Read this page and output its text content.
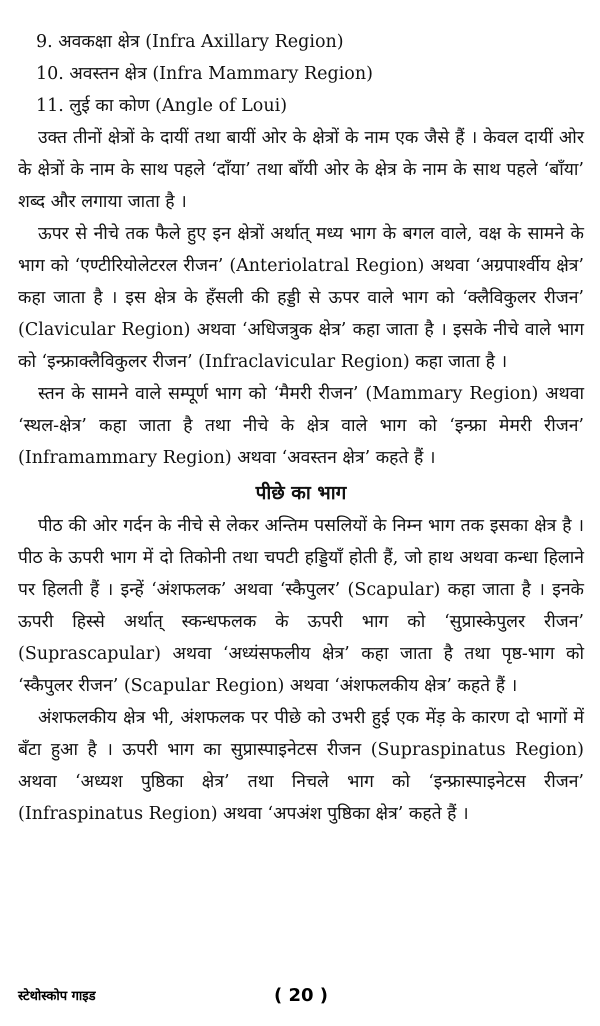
9. अवकक्षा क्षेत्र (Infra Axillary Region)
10. अवस्तन क्षेत्र (Infra Mammary Region)
11. लुई का कोण (Angle of Loui)

उक्त तीनों क्षेत्रों के दायीं तथा बायीं ओर के क्षेत्रों के नाम एक जैसे हैं । केवल दायीं ओर के क्षेत्रों के नाम के साथ पहले ‘दाँया’ तथा बाँयी ओर के क्षेत्र के नाम के साथ पहले ‘बाँया’ शब्द और लगाया जाता है ।

ऊपर से नीचे तक फैले हुए इन क्षेत्रों अर्थात् मध्य भाग के बगल वाले, वक्ष के सामने के भाग को ‘एण्टीरियोलेटरल रीजन’ (Anteriolatral Region) अथवा ‘अग्रपार्श्वीय क्षेत्र’ कहा जाता है । इस क्षेत्र के हँसली की हड्डी से ऊपर वाले भाग को ‘क्लैविकुलर रीजन’ (Clavicular Region) अथवा ‘अधिजत्रुक क्षेत्र’ कहा जाता है । इसके नीचे वाले भाग को ‘इन्फ्राक्लैविकुलर रीजन’ (Infraclavicular Region) कहा जाता है ।

स्तन के सामने वाले सम्पूर्ण भाग को ‘मैमरी रीजन’ (Mammary Region) अथवा ‘स्थल-क्षेत्र’ कहा जाता है तथा नीचे के क्षेत्र वाले भाग को ‘इन्फ्रा मेमरी रीजन’ (Inframammary Region) अथवा ‘अवस्तन क्षेत्र’ कहते हैं ।

पीछे का भाग

पीठ की ओर गर्दन के नीचे से लेकर अन्तिम पसलियों के निम्न भाग तक इसका क्षेत्र है । पीठ के ऊपरी भाग में दो तिकोनी तथा चपटी हड्डियाँ होती हैं, जो हाथ अथवा कन्धा हिलाने पर हिलती हैं । इन्हें ‘अंशफलक’ अथवा ‘स्कैपुलर’ (Scapular) कहा जाता है । इनके ऊपरी हिस्से अर्थात् स्कन्धफलक के ऊपरी भाग को ‘सुप्रास्केपुलर रीजन’ (Suprascapular) अथवा ‘अध्यंसफलीय क्षेत्र’ कहा जाता है तथा पृष्ठ-भाग को ‘स्कैपुलर रीजन’ (Scapular Region) अथवा ‘अंशफलकीय क्षेत्र’ कहते हैं ।

अंशफलकीय क्षेत्र भी, अंशफलक पर पीछे को उभरी हुई एक मेंड़ के कारण दो भागों में बँटा हुआ है । ऊपरी भाग का सुप्रास्पाइनेटस रीजन (Supraspinatus Region) अथवा ‘अध्यश पुष्ठिका क्षेत्र’ तथा निचले भाग को ‘इन्फ्रास्पाइनेटस रीजन’ (Infraspinatus Region) अथवा ‘अपअंश पुष्ठिका क्षेत्र’ कहते हैं ।

स्टेथोस्कोप गाइड	( 20 )
